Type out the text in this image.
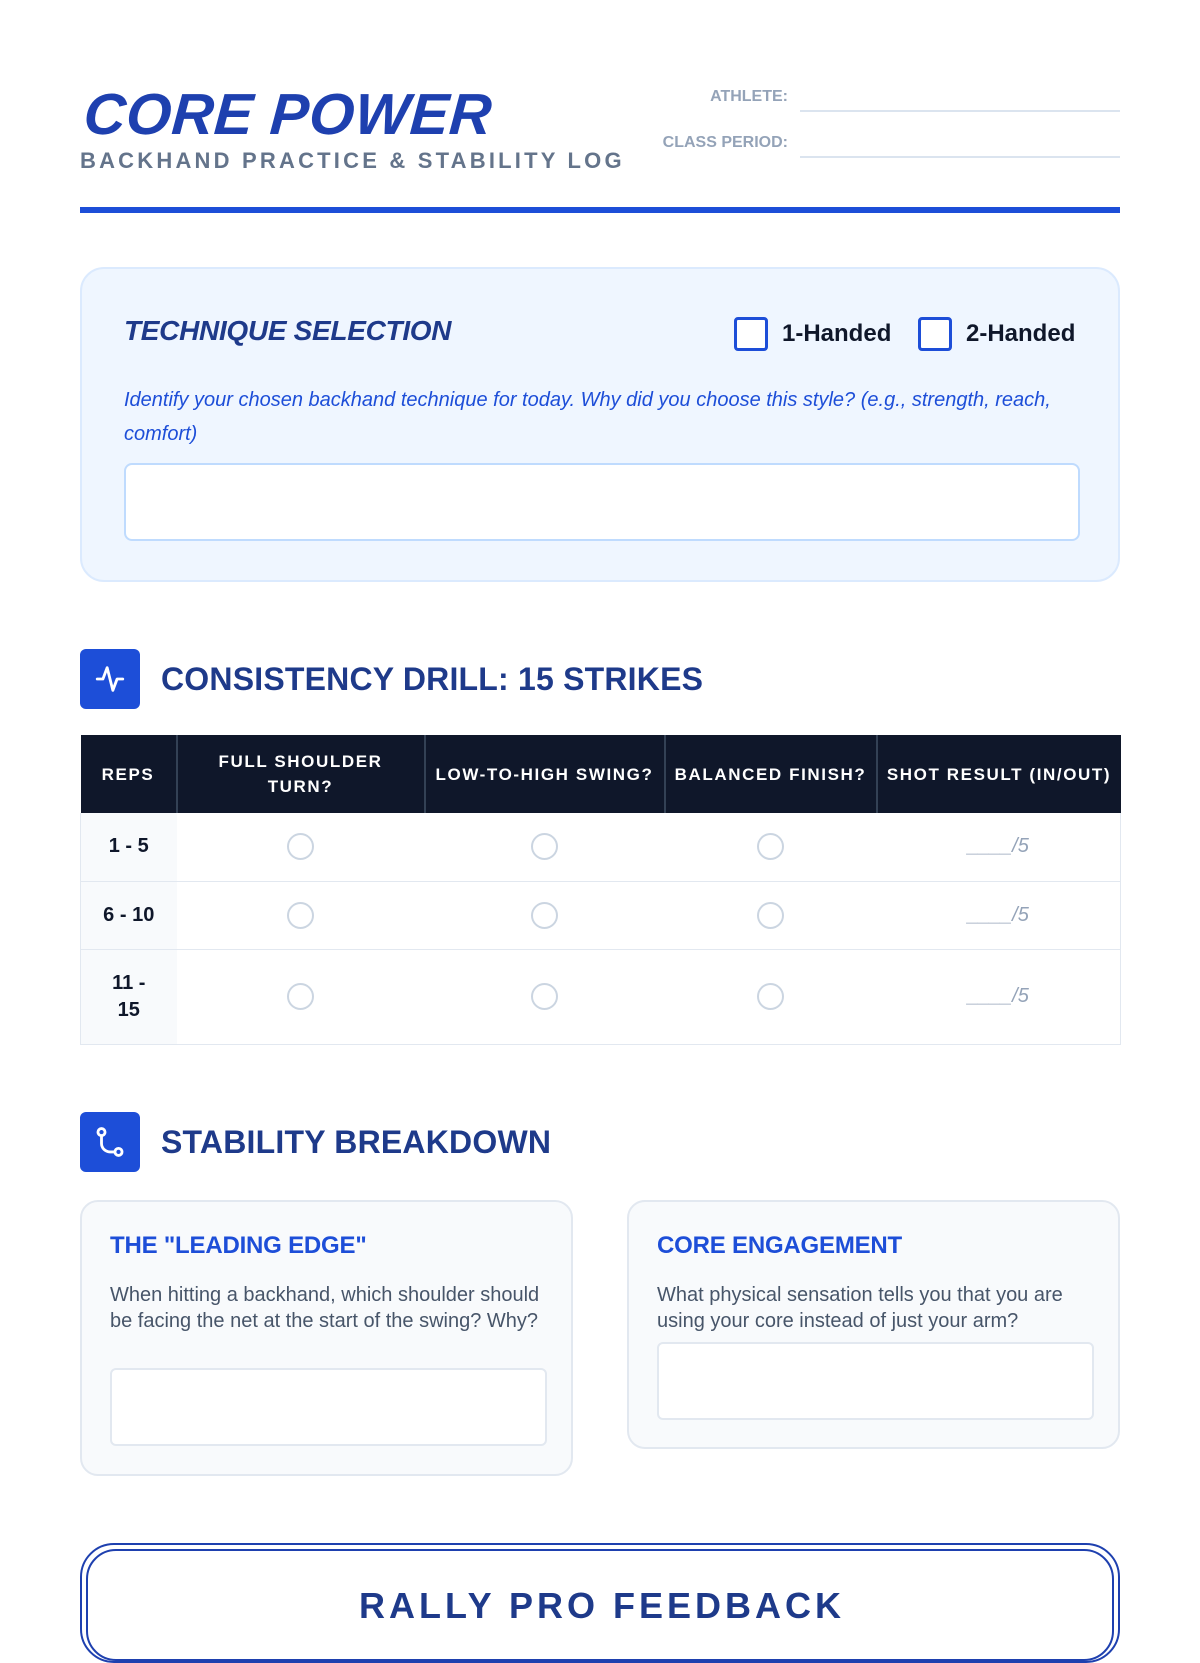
CORE POWER
BACKHAND PRACTICE & STABILITY LOG
ATHLETE:
CLASS PERIOD:
TECHNIQUE SELECTION	1-Handed	2-Handed
Identify your chosen backhand technique for today. Why did you choose this style? (e.g., strength, reach, comfort)
CONSISTENCY DRILL: 15 STRIKES
REPS	FULL SHOULDER TURN?	LOW-TO-HIGH SWING?	BALANCED FINISH?	SHOT RESULT (IN/OUT)
1 - 5				____/5
6 - 10				____/5
11 - 15				____/5
STABILITY BREAKDOWN
THE "LEADING EDGE"
When hitting a backhand, which shoulder should be facing the net at the start of the swing? Why?
CORE ENGAGEMENT
What physical sensation tells you that you are using your core instead of just your arm?
RALLY PRO FEEDBACK
